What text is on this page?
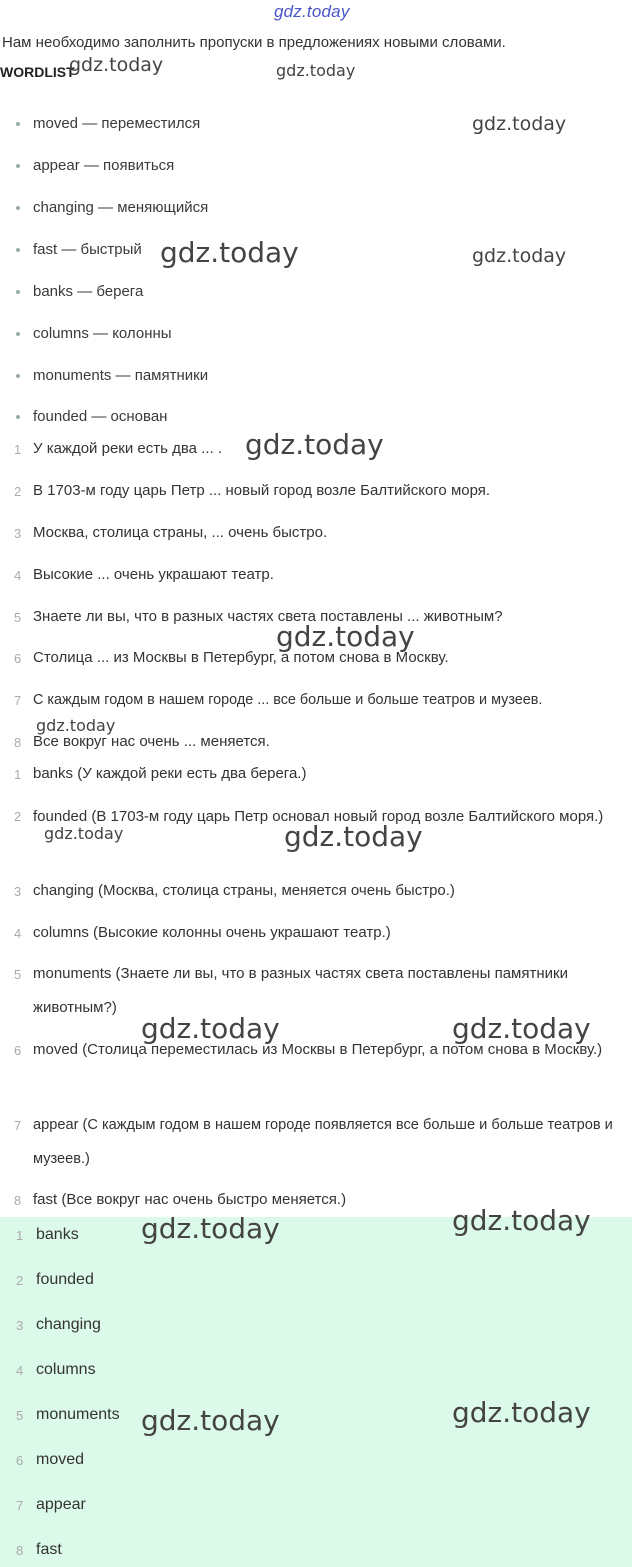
gdz.today
Нам необходимо заполнить пропуски в предложениях новыми словами.
WORDLIST
moved — переместился
appear — появиться
changing — меняющийся
fast — быстрый
banks — берега
columns — колонны
monuments — памятники
founded — основан
1 У каждой реки есть два ... .
2 В 1703-м году царь Петр ... новый город возле Балтийского моря.
3 Москва, столица страны, ... очень быстро.
4 Высокие ... очень украшают театр.
5 Знаете ли вы, что в разных частях света поставлены ... животным?
6 Столица ... из Москвы в Петербург, а потом снова в Москву.
7 С каждым годом в нашем городе ... все больше и больше театров и музеев.
8 Все вокруг нас очень ... меняется.
1 banks (У каждой реки есть два берега.)
2 founded (В 1703-м году царь Петр основал новый город возле Балтийского моря.)
3 changing (Москва, столица страны, меняется очень быстро.)
4 columns (Высокие колонны очень украшают театр.)
5 monuments (Знаете ли вы, что в разных частях света поставлены памятники животным?)
6 moved (Столица переместилась из Москвы в Петербург, а потом снова в Москву.)
7 appear (С каждым годом в нашем городе появляется все больше и больше театров и музеев.)
8 fast (Все вокруг нас очень быстро меняется.)
1 banks
2 founded
3 changing
4 columns
5 monuments
6 moved
7 appear
8 fast
gdz.today	gdz.today
gdz.today
gdz.today	gdz.today
gdz.today
gdz.today
gdz.today
gdz.today	gdz.today
gdz.today	gdz.today
gdz.today
gdz.today
gdz.today
gdz.today
